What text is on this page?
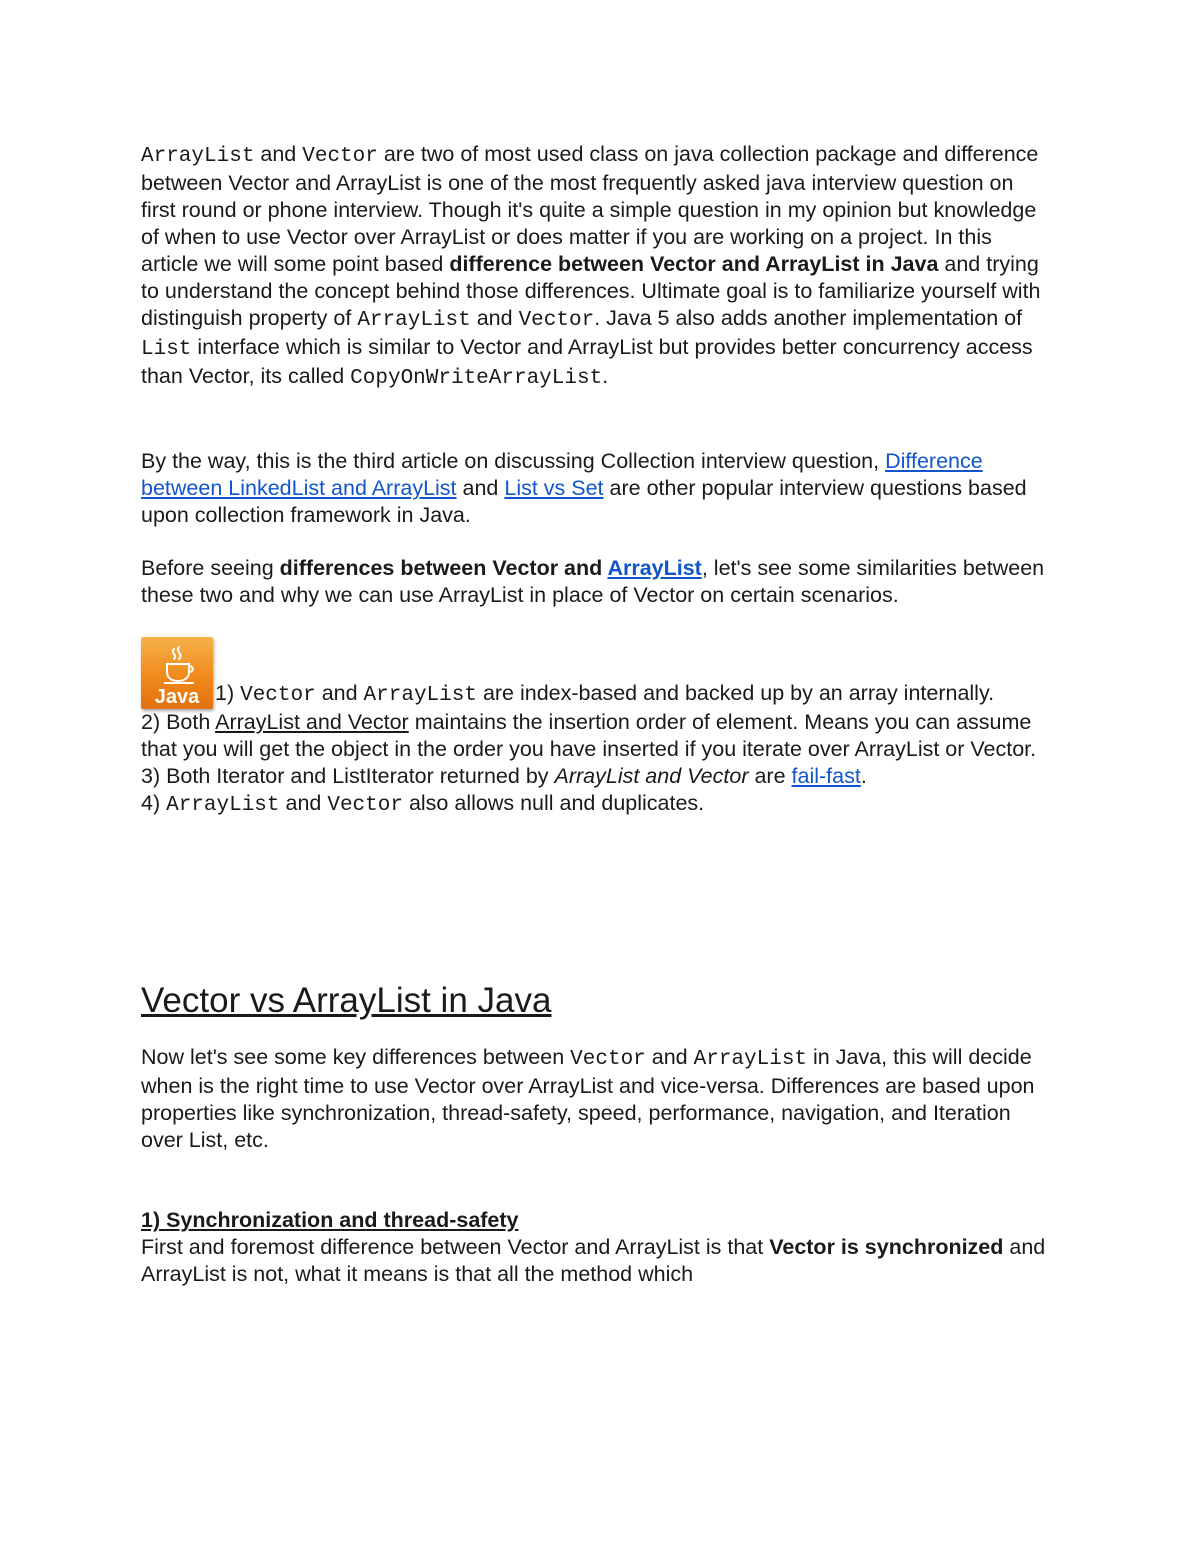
ArrayList and Vector are two of most used class on java collection package and difference between Vector and ArrayList is one of the most frequently asked java interview question on first round or phone interview. Though it's quite a simple question in my opinion but knowledge of when to use Vector over ArrayList or does matter if you are working on a project. In this article we will some point based difference between Vector and ArrayList in Java and trying to understand the concept behind those differences. Ultimate goal is to familiarize yourself with distinguish property of ArrayList and Vector. Java 5 also adds another implementation of List interface which is similar to Vector and ArrayList but provides better concurrency access than Vector, its called CopyOnWriteArrayList.

By the way, this is the third article on discussing Collection interview question, Difference between LinkedList and ArrayList and List vs Set are other popular interview questions based upon collection framework in Java.

Before seeing differences between Vector and ArrayList, let's see some similarities between these two and why we can use ArrayList in place of Vector on certain scenarios.

Java 1) Vector and ArrayList are index-based and backed up by an array internally.

2) Both ArrayList and Vector maintains the insertion order of element. Means you can assume that you will get the object in the order you have inserted if you iterate over ArrayList or Vector.

3) Both Iterator and ListIterator returned by ArrayList and Vector are fail-fast.

4) ArrayList and Vector also allows null and duplicates.

Vector vs ArrayList in Java

Now let's see some key differences between Vector and ArrayList in Java, this will decide when is the right time to use Vector over ArrayList and vice-versa. Differences are based upon properties like synchronization, thread-safety, speed, performance, navigation, and Iteration over List, etc.

1) Synchronization and thread-safety

First and foremost difference between Vector and ArrayList is that Vector is synchronized and ArrayList is not, what it means is that all the method which
